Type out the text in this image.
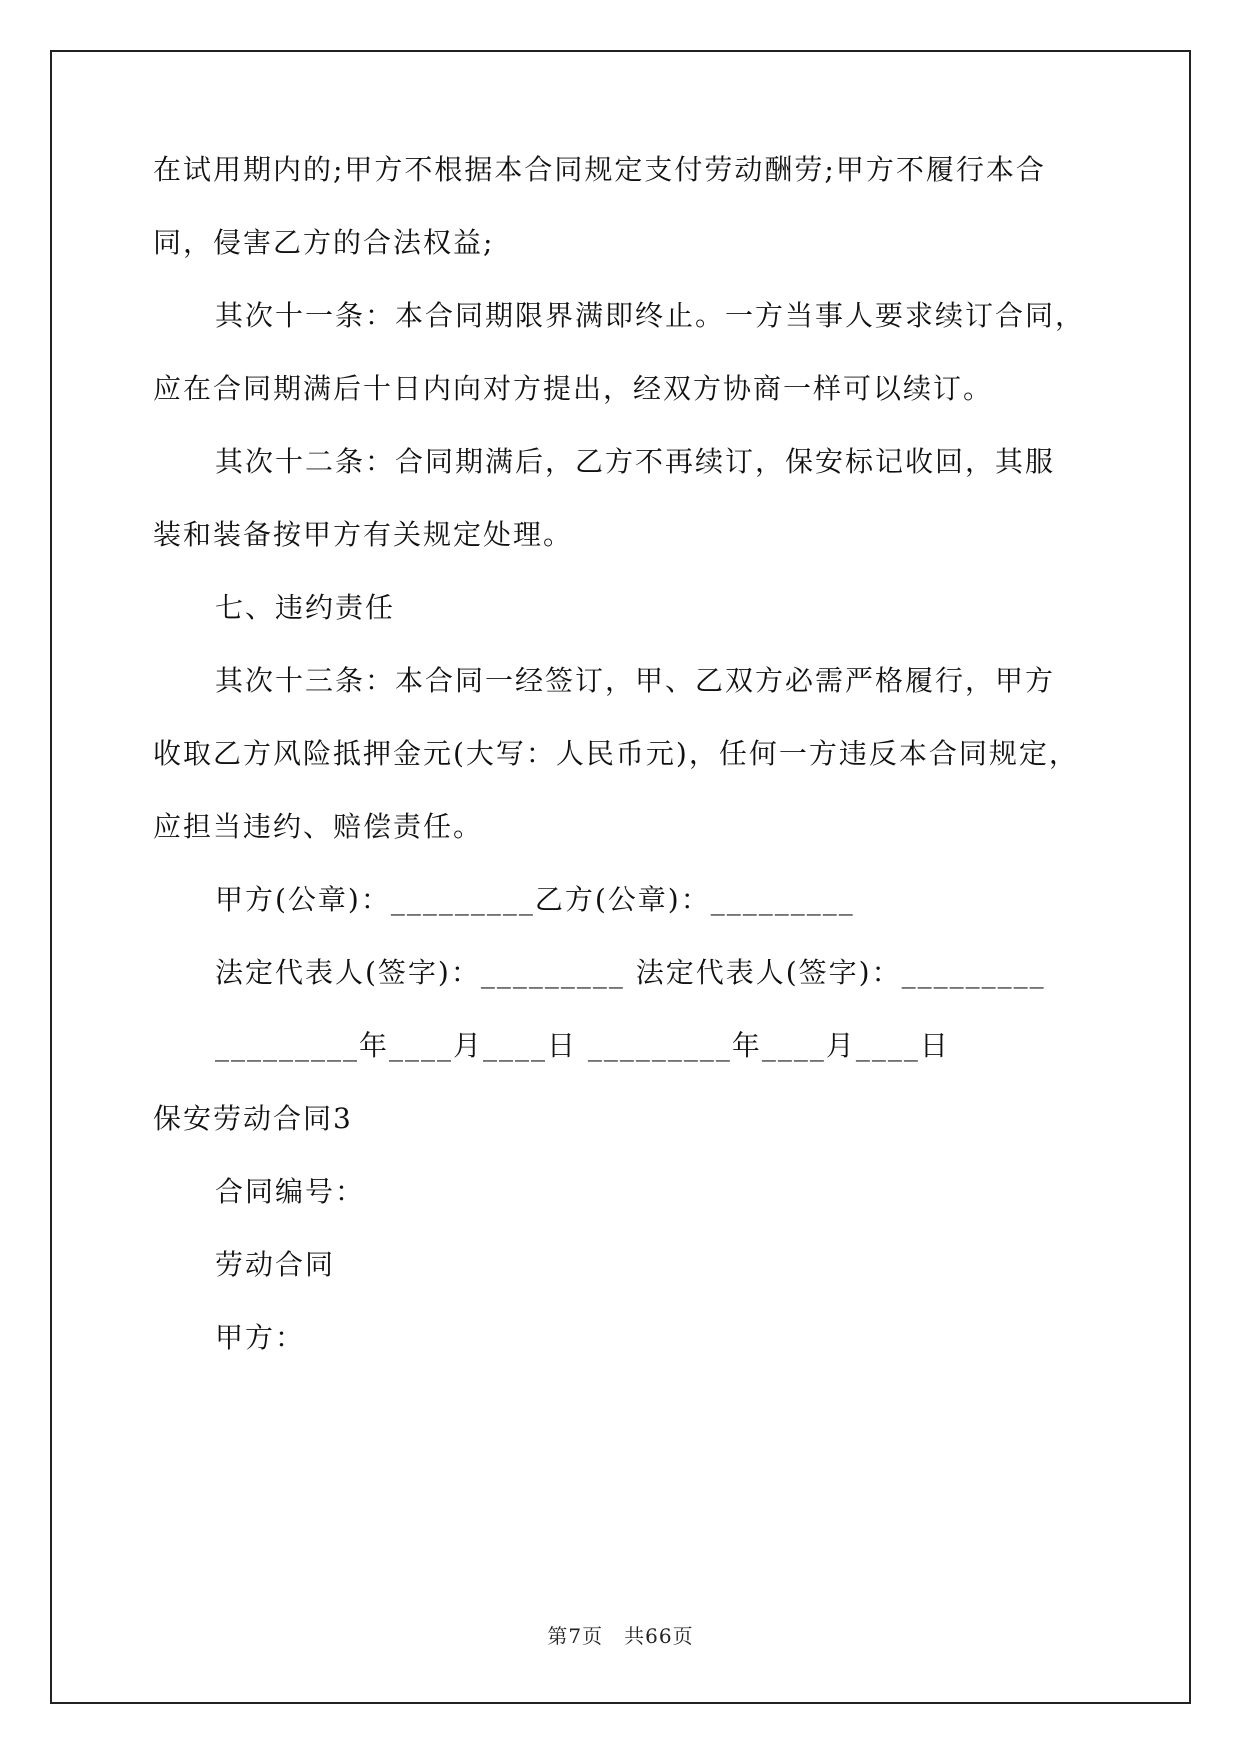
在试用期内的;甲方不根据本合同规定支付劳动酬劳;甲方不履行本合
同，侵害乙方的合法权益;
其次十一条：本合同期限界满即终止。一方当事人要求续订合同，
应在合同期满后十日内向对方提出，经双方协商一样可以续订。
其次十二条：合同期满后，乙方不再续订，保安标记收回，其服
装和装备按甲方有关规定处理。
七、违约责任
其次十三条：本合同一经签订，甲、乙双方必需严格履行，甲方
收取乙方风险抵押金元(大写：人民币元)，任何一方违反本合同规定，
应担当违约、赔偿责任。
甲方(公章)：_________乙方(公章)：_________
法定代表人(签字)：_________ 法定代表人(签字)：_________
_________年____月____日 _________年____月____日
保安劳动合同3
合同编号：
劳动合同
甲方：
第7页　共66页
